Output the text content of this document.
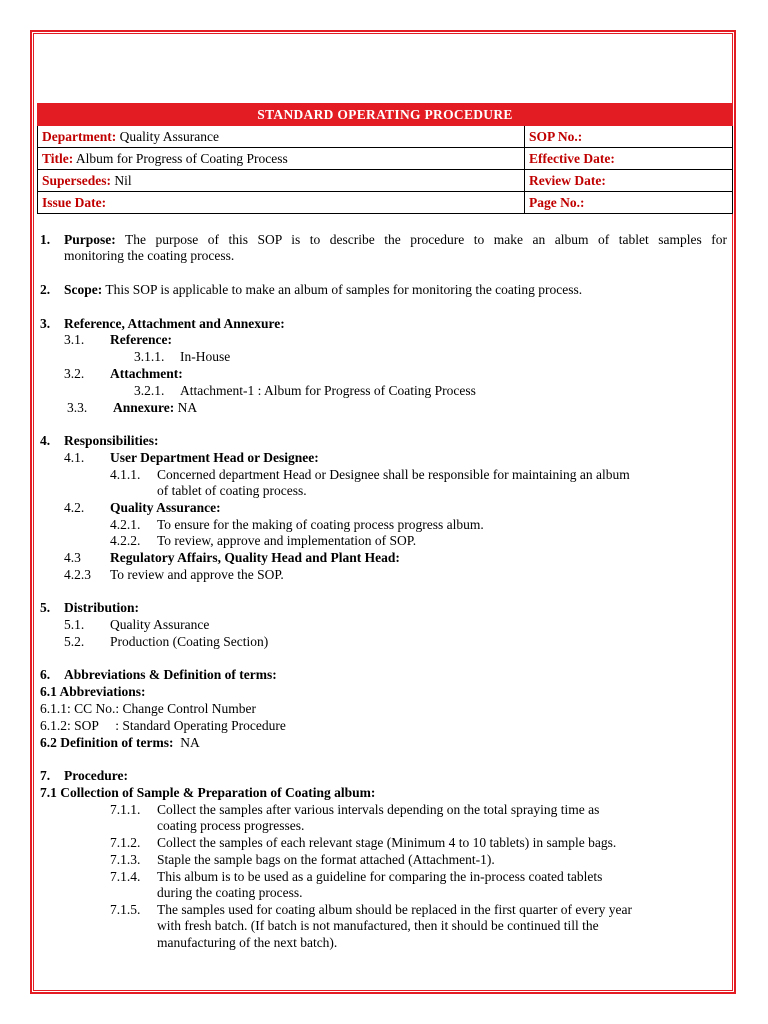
STANDARD OPERATING PROCEDURE	
Department: Quality Assurance	SOP No.:
Title: Album for Progress of Coating Process	Effective Date:
Supersedes: Nil	Review Date:
Issue Date:	Page No.:
1. Purpose: The purpose of this SOP is to describe the procedure to make an album of tablet samples for
monitoring the coating process.
2. Scope: This SOP is applicable to make an album of samples for monitoring the coating process.
3. Reference, Attachment and Annexure:
3.1. Reference:
3.1.1. In-House
3.2. Attachment:
3.2.1. Attachment-1 : Album for Progress of Coating Process
3.3. Annexure: NA
4. Responsibilities:
4.1. User Department Head or Designee:
4.1.1. Concerned department Head or Designee shall be responsible for maintaining an album
of tablet of coating process.
4.2. Quality Assurance:
4.2.1. To ensure for the making of coating process progress album.
4.2.2. To review, approve and implementation of SOP.
4.3 Regulatory Affairs, Quality Head and Plant Head:
4.2.3 To review and approve the SOP.
5. Distribution:
5.1. Quality Assurance
5.2. Production (Coating Section)
6. Abbreviations & Definition of terms:
6.1 Abbreviations:
6.1.1: CC No.: Change Control Number
6.1.2: SOP     : Standard Operating Procedure
6.2 Definition of terms:  NA
7. Procedure:
7.1 Collection of Sample & Preparation of Coating album:
7.1.1. Collect the samples after various intervals depending on the total spraying time as
coating process progresses.
7.1.2. Collect the samples of each relevant stage (Minimum 4 to 10 tablets) in sample bags.
7.1.3. Staple the sample bags on the format attached (Attachment-1).
7.1.4. This album is to be used as a guideline for comparing the in-process coated tablets
during the coating process.
7.1.5. The samples used for coating album should be replaced in the first quarter of every year
with fresh batch. (If batch is not manufactured, then it should be continued till the
manufacturing of the next batch).
